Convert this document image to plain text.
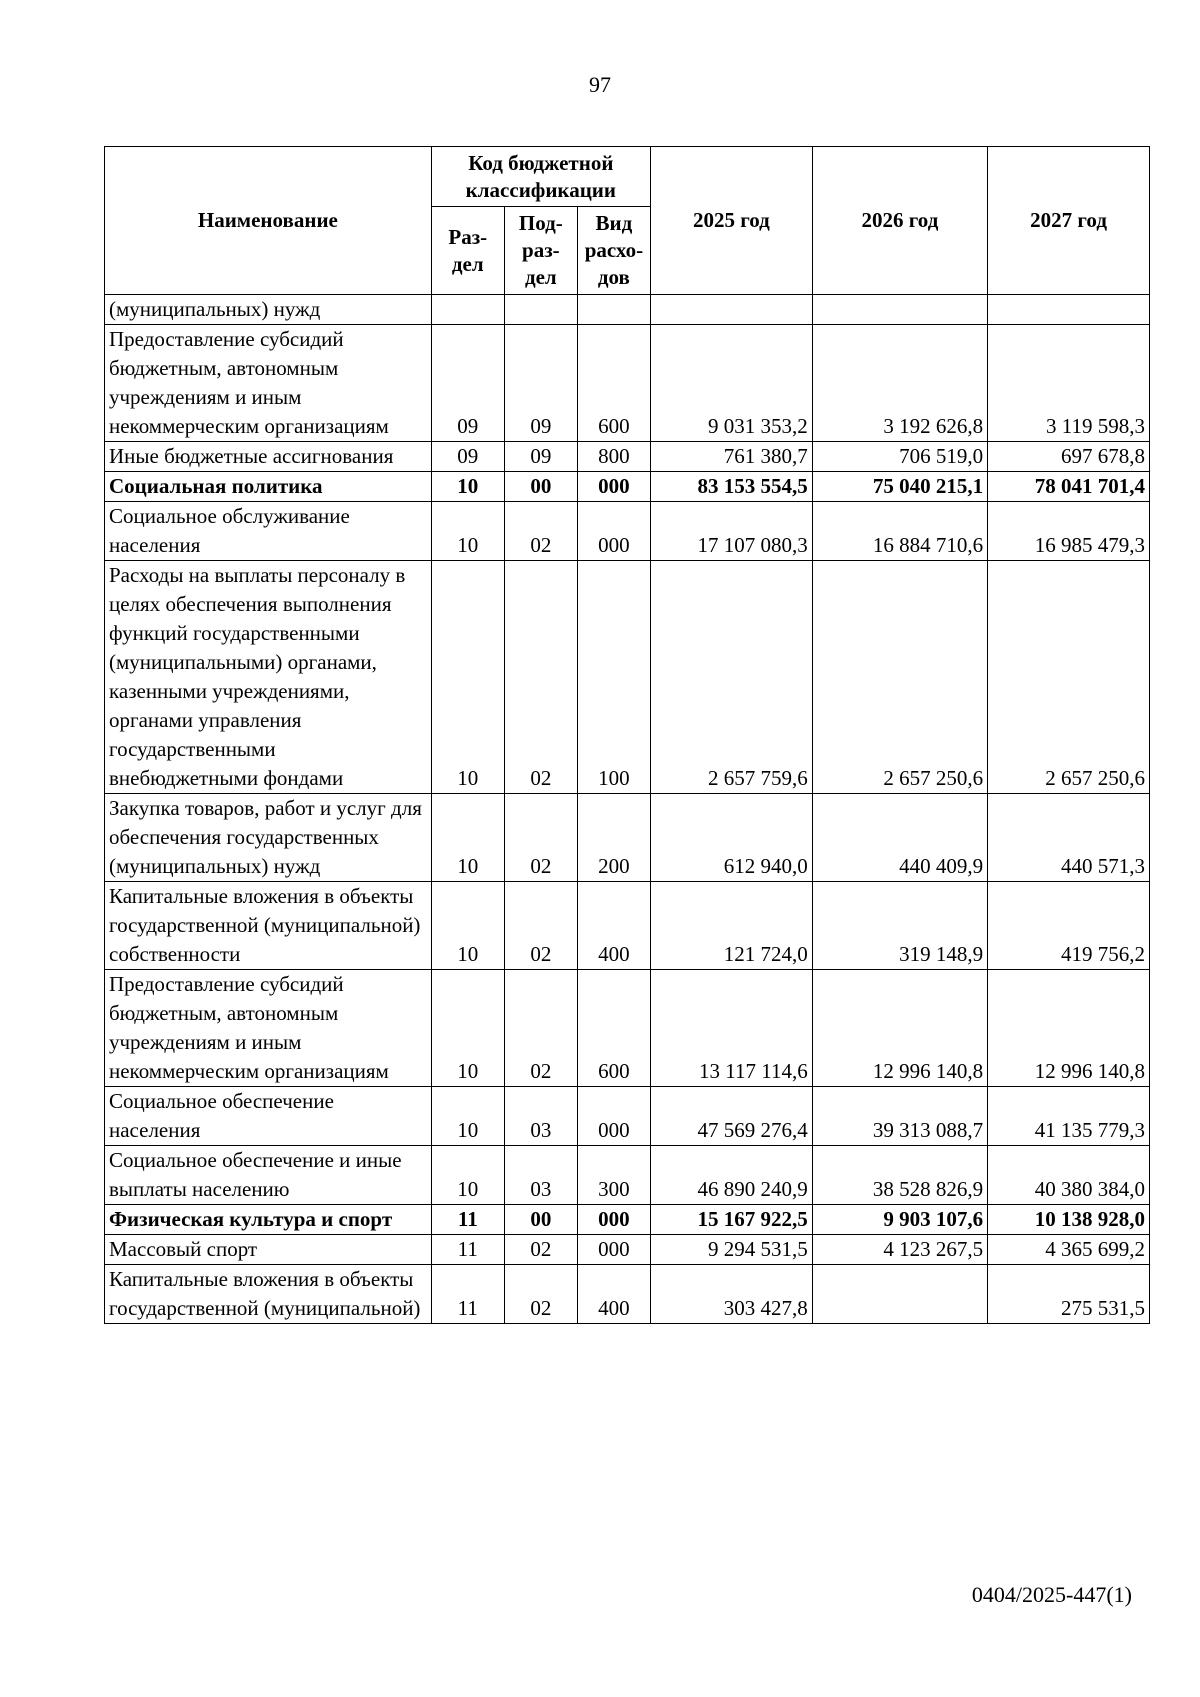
97
Наименование	Код бюджетной классификации			2025 год	2026 год	2027 год
	Раз-дел	Под-раз-дел	Вид расхо-дов			
(муниципальных) нужд						
Предоставление субсидий бюджетным, автономным учреждениям и иным некоммерческим организациям	09	09	600	9 031 353,2	3 192 626,8	3 119 598,3
Иные бюджетные ассигнования	09	09	800	761 380,7	706 519,0	697 678,8
Социальная политика	10	00	000	83 153 554,5	75 040 215,1	78 041 701,4
Социальное обслуживание населения	10	02	000	17 107 080,3	16 884 710,6	16 985 479,3
Расходы на выплаты персоналу в целях обеспечения выполнения функций государственными (муниципальными) органами, казенными учреждениями, органами управления государственными внебюджетными фондами	10	02	100	2 657 759,6	2 657 250,6	2 657 250,6
Закупка товаров, работ и услуг для обеспечения государственных (муниципальных) нужд	10	02	200	612 940,0	440 409,9	440 571,3
Капитальные вложения в объекты государственной (муниципальной) собственности	10	02	400	121 724,0	319 148,9	419 756,2
Предоставление субсидий бюджетным, автономным учреждениям и иным некоммерческим организациям	10	02	600	13 117 114,6	12 996 140,8	12 996 140,8
Социальное обеспечение населения	10	03	000	47 569 276,4	39 313 088,7	41 135 779,3
Социальное обеспечение и иные выплаты населению	10	03	300	46 890 240,9	38 528 826,9	40 380 384,0
Физическая культура и спорт	11	00	000	15 167 922,5	9 903 107,6	10 138 928,0
Массовый спорт	11	02	000	9 294 531,5	4 123 267,5	4 365 699,2
Капитальные вложения в объекты государственной (муниципальной)	11	02	400	303 427,8		275 531,5
0404/2025-447(1)
